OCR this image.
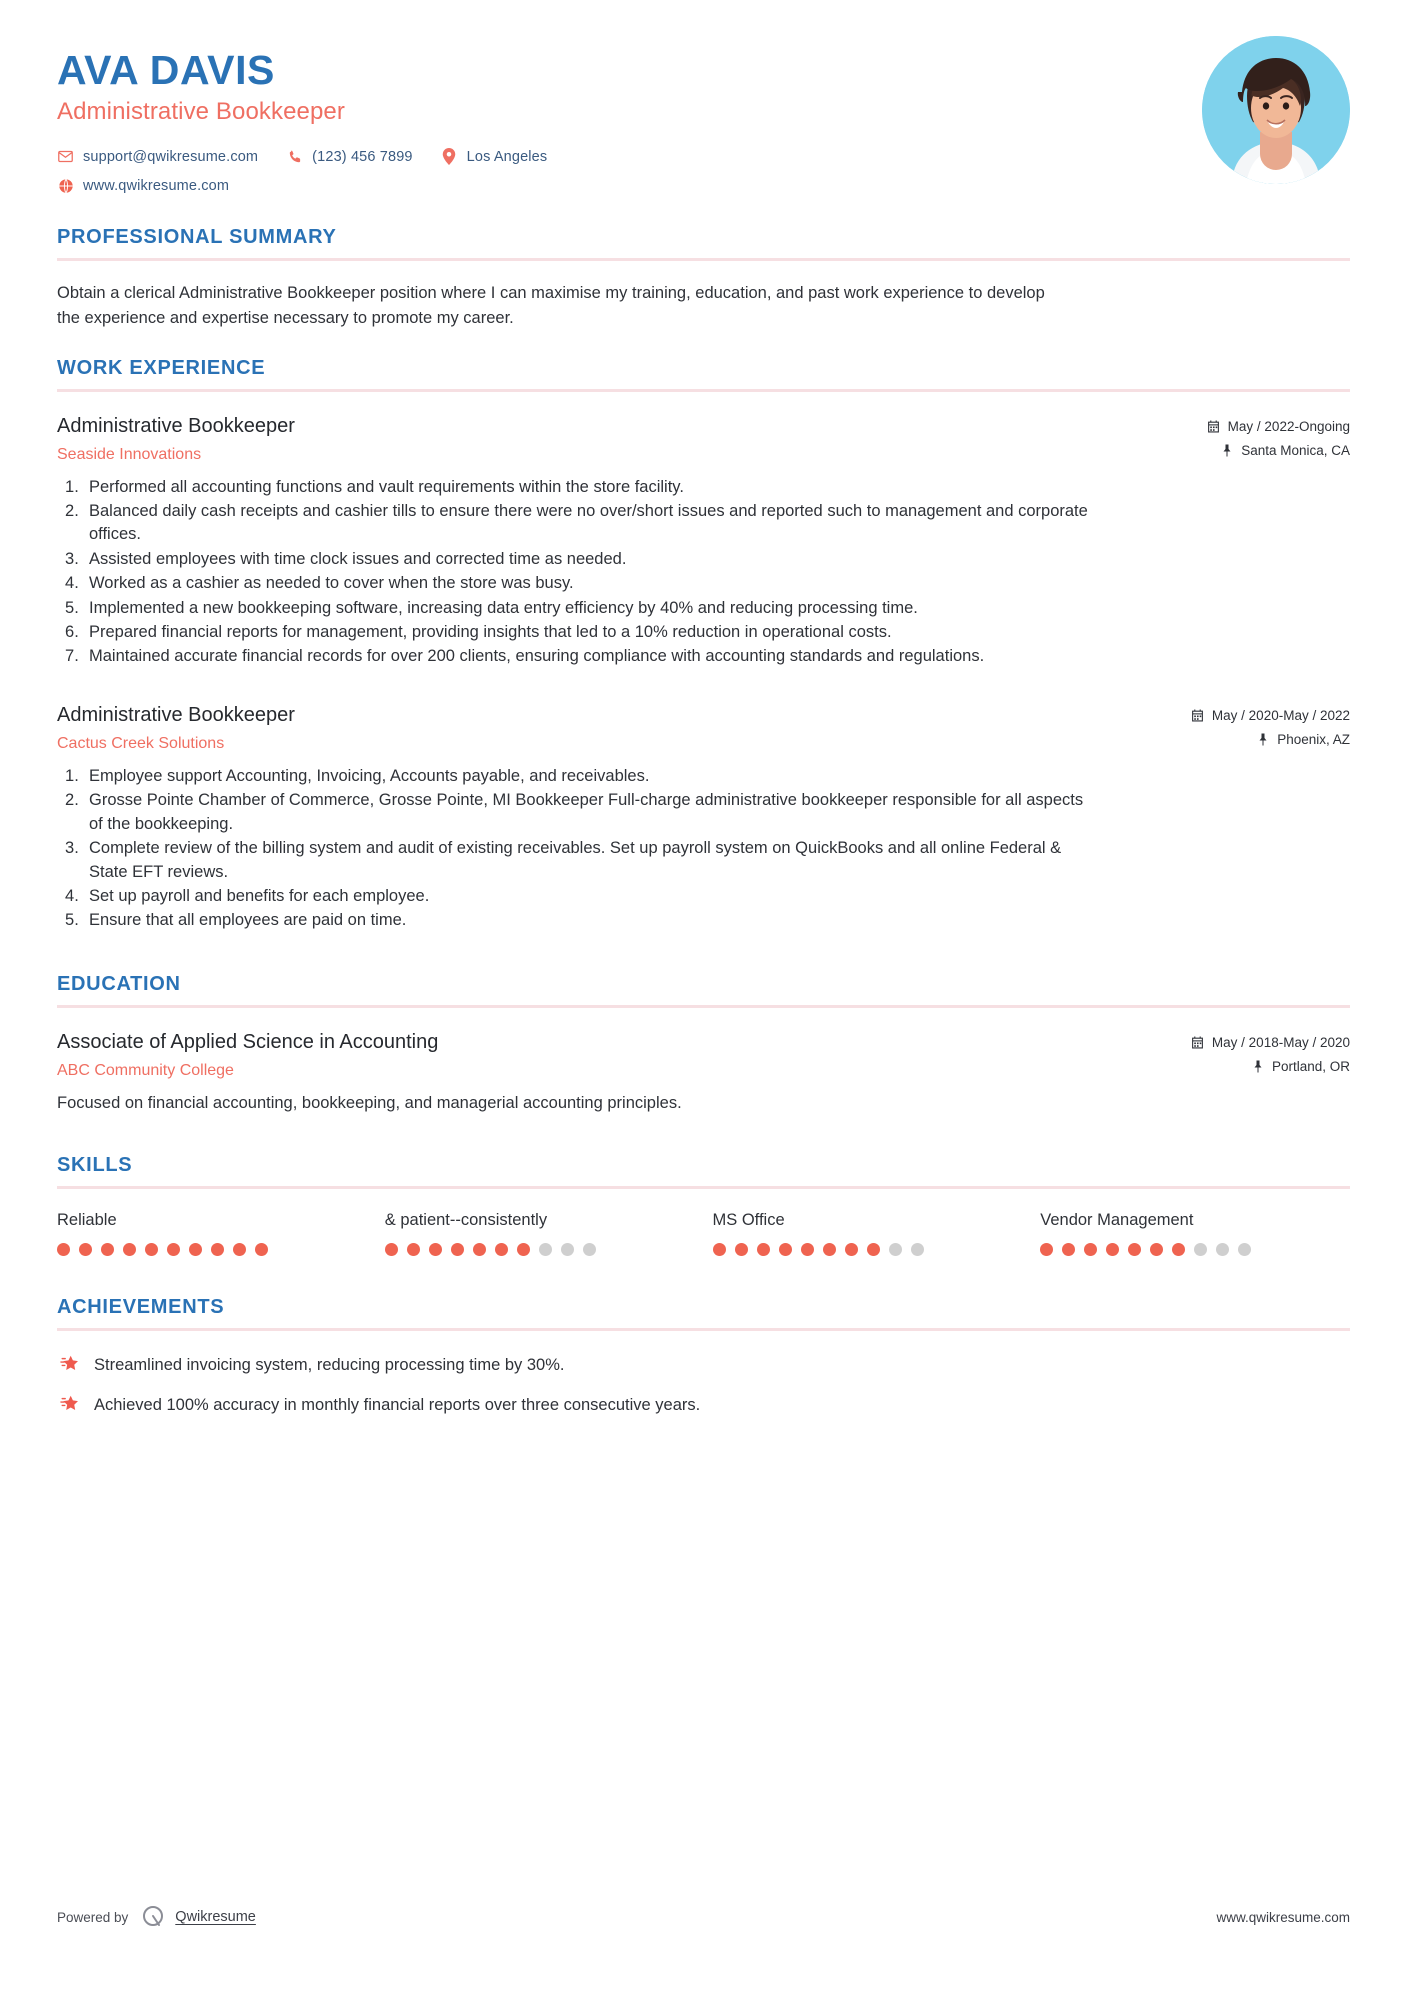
AVA DAVIS
Administrative Bookkeeper
support@qwikresume.com	(123) 456 7899	Los Angeles
www.qwikresume.com
PROFESSIONAL SUMMARY
Obtain a clerical Administrative Bookkeeper position where I can maximise my training, education, and past work experience to develop the experience and expertise necessary to promote my career.
WORK EXPERIENCE
Administrative Bookkeeper
Seaside Innovations
May / 2022-Ongoing
Santa Monica, CA
Performed all accounting functions and vault requirements within the store facility.
Balanced daily cash receipts and cashier tills to ensure there were no over/short issues and reported such to management and corporate offices.
Assisted employees with time clock issues and corrected time as needed.
Worked as a cashier as needed to cover when the store was busy.
Implemented a new bookkeeping software, increasing data entry efficiency by 40% and reducing processing time.
Prepared financial reports for management, providing insights that led to a 10% reduction in operational costs.
Maintained accurate financial records for over 200 clients, ensuring compliance with accounting standards and regulations.
Administrative Bookkeeper
Cactus Creek Solutions
May / 2020-May / 2022
Phoenix, AZ
Employee support Accounting, Invoicing, Accounts payable, and receivables.
Grosse Pointe Chamber of Commerce, Grosse Pointe, MI Bookkeeper Full-charge administrative bookkeeper responsible for all aspects of the bookkeeping.
Complete review of the billing system and audit of existing receivables. Set up payroll system on QuickBooks and all online Federal & State EFT reviews.
Set up payroll and benefits for each employee.
Ensure that all employees are paid on time.
EDUCATION
Associate of Applied Science in Accounting
ABC Community College
May / 2018-May / 2020
Portland, OR
Focused on financial accounting, bookkeeping, and managerial accounting principles.
SKILLS
Reliable	& patient--consistently	MS Office	Vendor Management
ACHIEVEMENTS
Streamlined invoicing system, reducing processing time by 30%.
Achieved 100% accuracy in monthly financial reports over three consecutive years.
Powered by	Qwikresume	www.qwikresume.com
